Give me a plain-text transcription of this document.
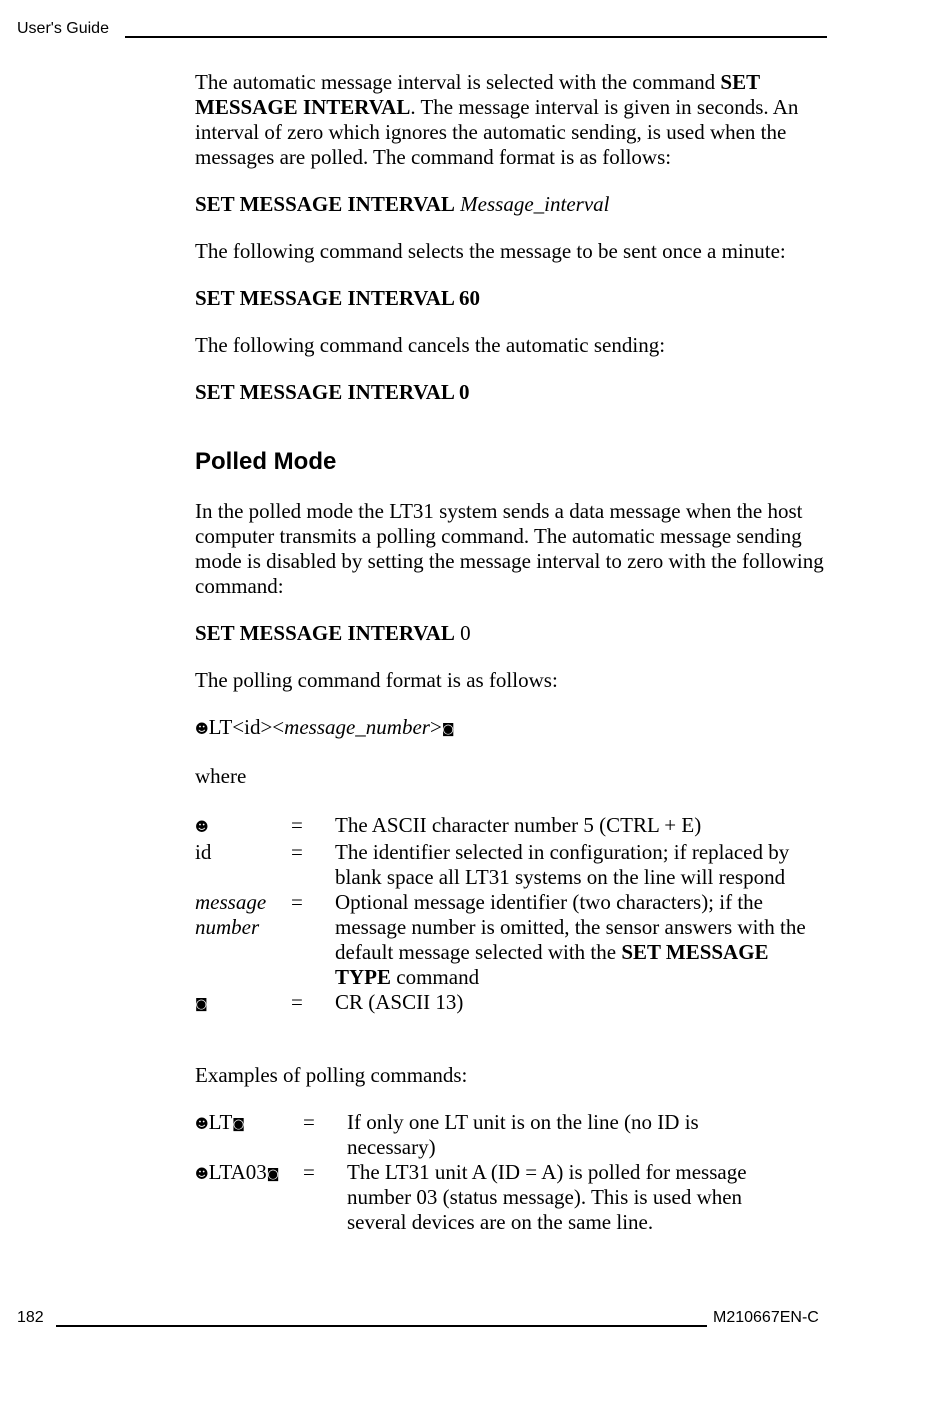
User's Guide

The automatic message interval is selected with the command SET MESSAGE INTERVAL. The message interval is given in seconds. An interval of zero which ignores the automatic sending, is used when the messages are polled. The command format is as follows:

SET MESSAGE INTERVAL Message_interval

The following command selects the message to be sent once a minute:

SET MESSAGE INTERVAL 60

The following command cancels the automatic sending:

SET MESSAGE INTERVAL 0

Polled Mode

In the polled mode the LT31 system sends a data message when the host computer transmits a polling command. The automatic message sending mode is disabled by setting the message interval to zero with the following command:

SET MESSAGE INTERVAL 0

The polling command format is as follows:

☻LT<id><message_number>◙

where

☻	=	The ASCII character number 5 (CTRL + E)
id	=	The identifier selected in configuration; if replaced by blank space all LT31 systems on the line will respond
message
number	=	Optional message identifier (two characters); if the message number is omitted, the sensor answers with the default message selected with the SET MESSAGE TYPE command
◙	=	CR (ASCII 13)

Examples of polling commands:

☻LT◙	=	If only one LT unit is on the line (no ID is necessary)
☻LTA03◙	=	The LT31 unit A (ID = A) is polled for message number 03 (status message). This is used when several devices are on the same line.
182	M210667EN-C
